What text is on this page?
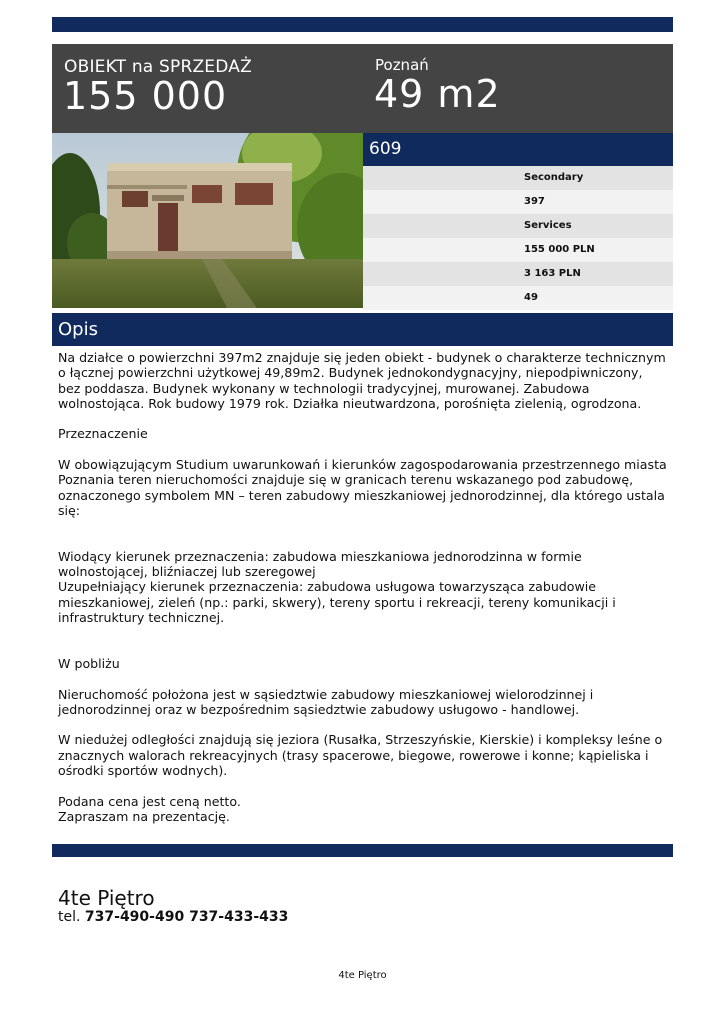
OBIEKT na SPRZEDAŻ
155 000
Poznań
49 m2
609
Secondary
397
Services
155 000 PLN
3 163 PLN
49
Opis
Na działce o powierzchni 397m2 znajduje się jeden obiekt - budynek o charakterze technicznym o łącznej powierzchni użytkowej 49,89m2. Budynek jednokondygnacyjny, niepodpiwniczony, bez poddasza. Budynek wykonany w technologii tradycyjnej, murowanej. Zabudowa wolnostojąca. Rok budowy 1979 rok. Działka nieutwardzona, porośnięta zielenią, ogrodzona.

Przeznaczenie

W obowiązującym Studium uwarunkowań i kierunków zagospodarowania przestrzennego miasta Poznania teren nieruchomości znajduje się w granicach terenu wskazanego pod zabudowę, oznaczonego symbolem MN – teren zabudowy mieszkaniowej jednorodzinnej, dla którego ustala się:

Wiodący kierunek przeznaczenia: zabudowa mieszkaniowa jednorodzinna w formie wolnostojącej, bliźniaczej lub szeregowej
Uzupełniający kierunek przeznaczenia: zabudowa usługowa towarzysząca zabudowie mieszkaniowej, zieleń (np.: parki, skwery), tereny sportu i rekreacji, tereny komunikacji i infrastruktury technicznej.

W pobliżu

Nieruchomość położona jest w sąsiedztwie zabudowy mieszkaniowej wielorodzinnej i jednorodzinnej oraz w bezpośrednim sąsiedztwie zabudowy usługowo - handlowej.

W niedużej odległości znajdują się jeziora (Rusałka, Strzeszyńskie, Kierskie) i kompleksy leśne o znacznych walorach rekreacyjnych (trasy spacerowe, biegowe, rowerowe i konne; kąpieliska i ośrodki sportów wodnych).

Podana cena jest ceną netto.
Zapraszam na prezentację.
4te Piętro
tel. 737-490-490 737-433-433
4te Piętro
